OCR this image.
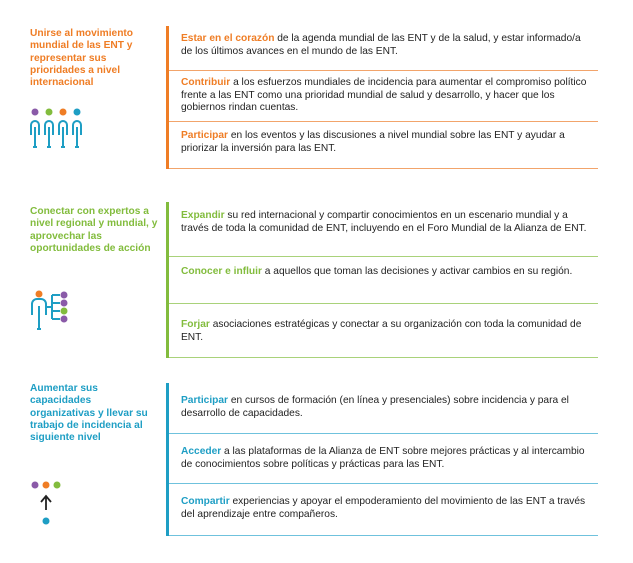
Unirse al movimiento mundial de las ENT y representar sus prioridades a nivel internacional
Estar en el corazón de la agenda mundial de las ENT y de la salud, y estar informado/a de los últimos avances en el mundo de las ENT.
Contribuir a los esfuerzos mundiales de incidencia para aumentar el compromiso político frente a las ENT como una prioridad mundial de salud y desarrollo, y hacer que los gobiernos rindan cuentas.
Participar en los eventos y las discusiones a nivel mundial sobre las ENT y ayudar a priorizar la inversión para las ENT.
Conectar con expertos a nivel regional y mundial, y aprovechar las oportunidades de acción
Expandir su red internacional y compartir conocimientos en un escenario mundial y a través de toda la comunidad de ENT, incluyendo en el Foro Mundial de la Alianza de ENT.
Conocer e influir a aquellos que toman las decisiones y activar cambios en su región.
Forjar asociaciones estratégicas y conectar a su organización con toda la comunidad de ENT.
Aumentar sus capacidades organizativas y llevar su trabajo de incidencia al siguiente nivel
Participar en cursos de formación (en línea y presenciales) sobre incidencia y para el desarrollo de capacidades.
Acceder a las plataformas de la Alianza de ENT sobre mejores prácticas y al intercambio de conocimientos sobre políticas y prácticas para las ENT.
Compartir experiencias y apoyar el empoderamiento del movimiento de las ENT a través del aprendizaje entre compañeros.
